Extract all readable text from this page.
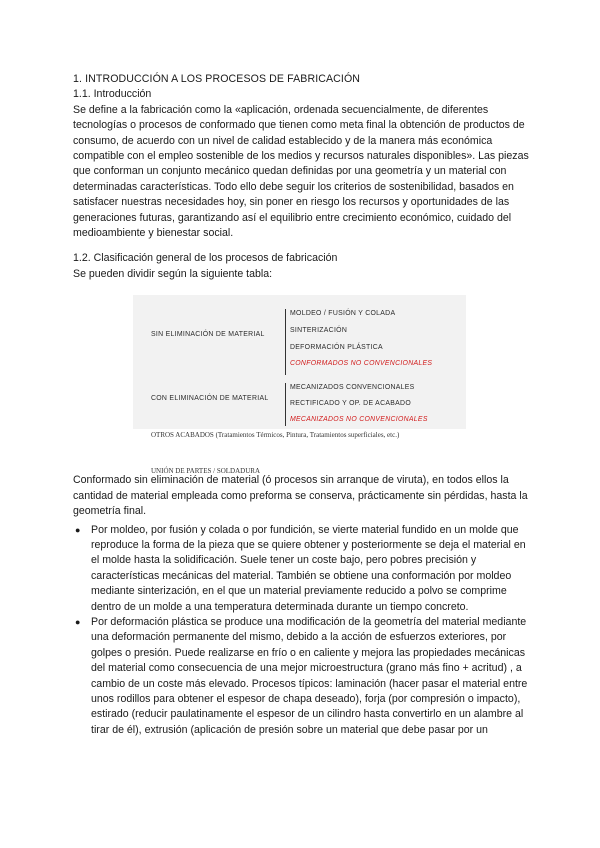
1. INTRODUCCIÓN A LOS PROCESOS DE FABRICACIÓN

1.1. Introducción

Se define a la fabricación como la «aplicación, ordenada secuencialmente, de diferentes tecnologías o procesos de conformado que tienen como meta final la obtención de productos de consumo, de acuerdo con un nivel de calidad establecido y de la manera más económica compatible con el empleo sostenible de los medios y recursos naturales disponibles». Las piezas que conforman un conjunto mecánico quedan definidas por una geometría y un material con determinadas características. Todo ello debe seguir los criterios de sostenibilidad, basados en satisfacer nuestras necesidades hoy, sin poner en riesgo los recursos y oportunidades de las generaciones futuras, garantizando así el equilibrio entre crecimiento económico, cuidado del medioambiente y bienestar social.

1.2. Clasificación general de los procesos de fabricación

Se pueden dividir según la siguiente tabla:

SIN ELIMINACIÓN DE MATERIAL
MOLDEO / FUSIÓN Y COLADA
SINTERIZACIÓN
DEFORMACIÓN PLÁSTICA
CONFORMADOS NO CONVENCIONALES
CON ELIMINACIÓN DE MATERIAL
MECANIZADOS CONVENCIONALES
RECTIFICADO Y OP. DE ACABADO
MECANIZADOS NO CONVENCIONALES
OTROS ACABADOS (Tratamientos Térmicos, Pintura, Tratamientos superficiales, etc.)

Conformado sin eliminación de material (ó procesos sin arranque de viruta), en todos ellos la cantidad de material empleada como preforma se conserva, prácticamente sin pérdidas, hasta la geometría final.

● Por moldeo, por fusión y colada o por fundición, se vierte material fundido en un molde que reproduce la forma de la pieza que se quiere obtener y posteriormente se deja el material en el molde hasta la solidificación. Suele tener un coste bajo, pero pobres precisión y características mecánicas del material. También se obtiene una conformación por moldeo mediante sinterización, en el que un material previamente reducido a polvo se comprime dentro de un molde a una temperatura determinada durante un tiempo concreto.
● Por deformación plástica se produce una modificación de la geometría del material mediante una deformación permanente del mismo, debido a la acción de esfuerzos exteriores, por golpes o presión. Puede realizarse en frío o en caliente y mejora las propiedades mecánicas del material como consecuencia de una mejor microestructura (grano más fino + acritud) , a cambio de un coste más elevado. Procesos típicos: laminación (hacer pasar el material entre unos rodillos para obtener el espesor de chapa deseado), forja (por compresión o impacto), estirado (reducir paulatinamente el espesor de un cilindro hasta convertirlo en un alambre al tirar de él), extrusión (aplicación de presión sobre un material que debe pasar por un
UNIÓN DE PARTES / SOLDADURA
